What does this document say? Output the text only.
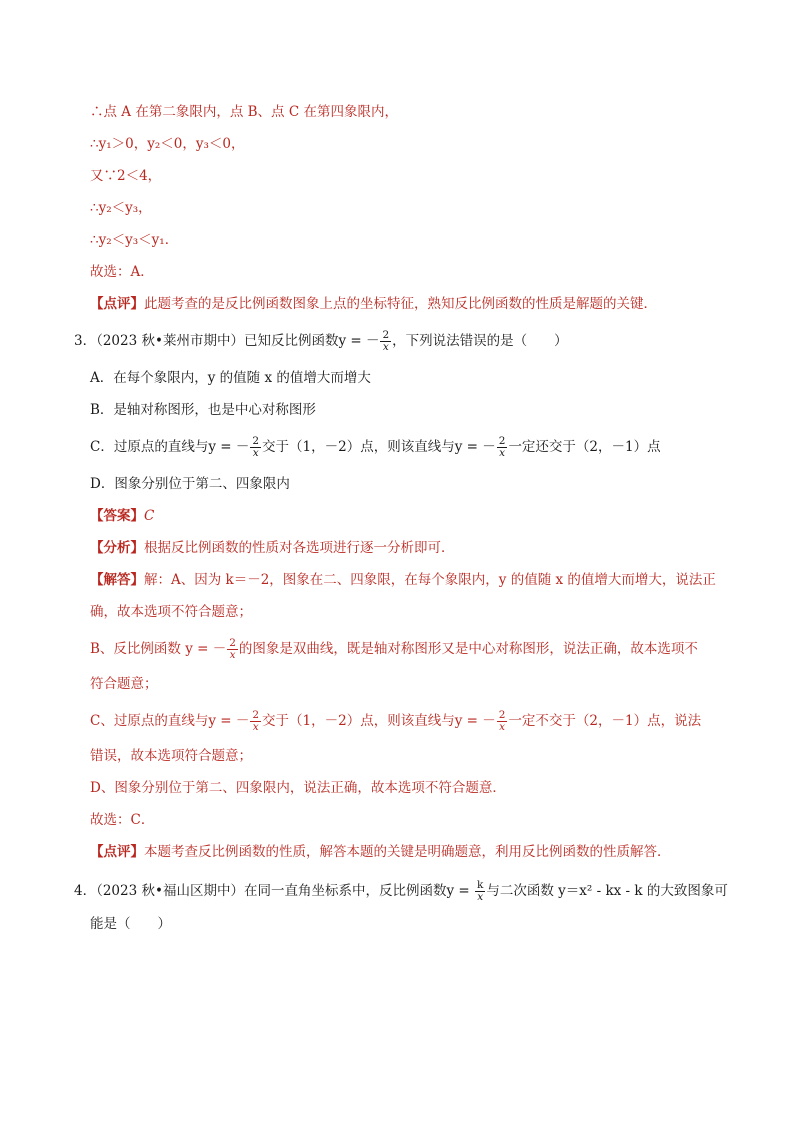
∴点 A 在第二象限内，点 B、点 C 在第四象限内，
∴y₁＞0，y₂＜0，y₃＜0，
又∵2＜4，
∴y₂＜y₃，
∴y₂＜y₃＜y₁．
故选：A．
【点评】此题考查的是反比例函数图象上点的坐标特征，熟知反比例函数的性质是解题的关键．
3．（2023 秋•莱州市期中）已知反比例函数y = － $\frac{2}{x}$ ，下列说法错误的是（　　）
A．在每个象限内，y 的值随 x 的值增大而增大
B．是轴对称图形，也是中心对称图形
C．过原点的直线与y = － $\frac{2}{x}$ 交于（1，－2）点，则该直线与y = － $\frac{2}{x}$ 一定还交于（2，－1）点
D．图象分别位于第二、四象限内
【答案】C
【分析】根据反比例函数的性质对各选项进行逐一分析即可．
【解答】解：A、因为 k＝－2，图象在二、四象限，在每个象限内，y 的值随 x 的值增大而增大，说法正
确，故本选项不符合题意；
B、反比例函数 y = － $\frac{2}{x}$ 的图象是双曲线，既是轴对称图形又是中心对称图形，说法正确，故本选项不
符合题意；
C、过原点的直线与y = － $\frac{2}{x}$ 交于（1，－2）点，则该直线与y = － $\frac{2}{x}$ 一定不交于（2，－1）点，说法
错误，故本选项符合题意；
D、图象分别位于第二、四象限内，说法正确，故本选项不符合题意．
故选：C．
【点评】本题考查反比例函数的性质，解答本题的关键是明确题意，利用反比例函数的性质解答．
4．（2023 秋•福山区期中）在同一直角坐标系中，反比例函数$y = \frac{k}{x}$ 与二次函数 y＝x² - kx - k 的大致图象可
能是（　　）
